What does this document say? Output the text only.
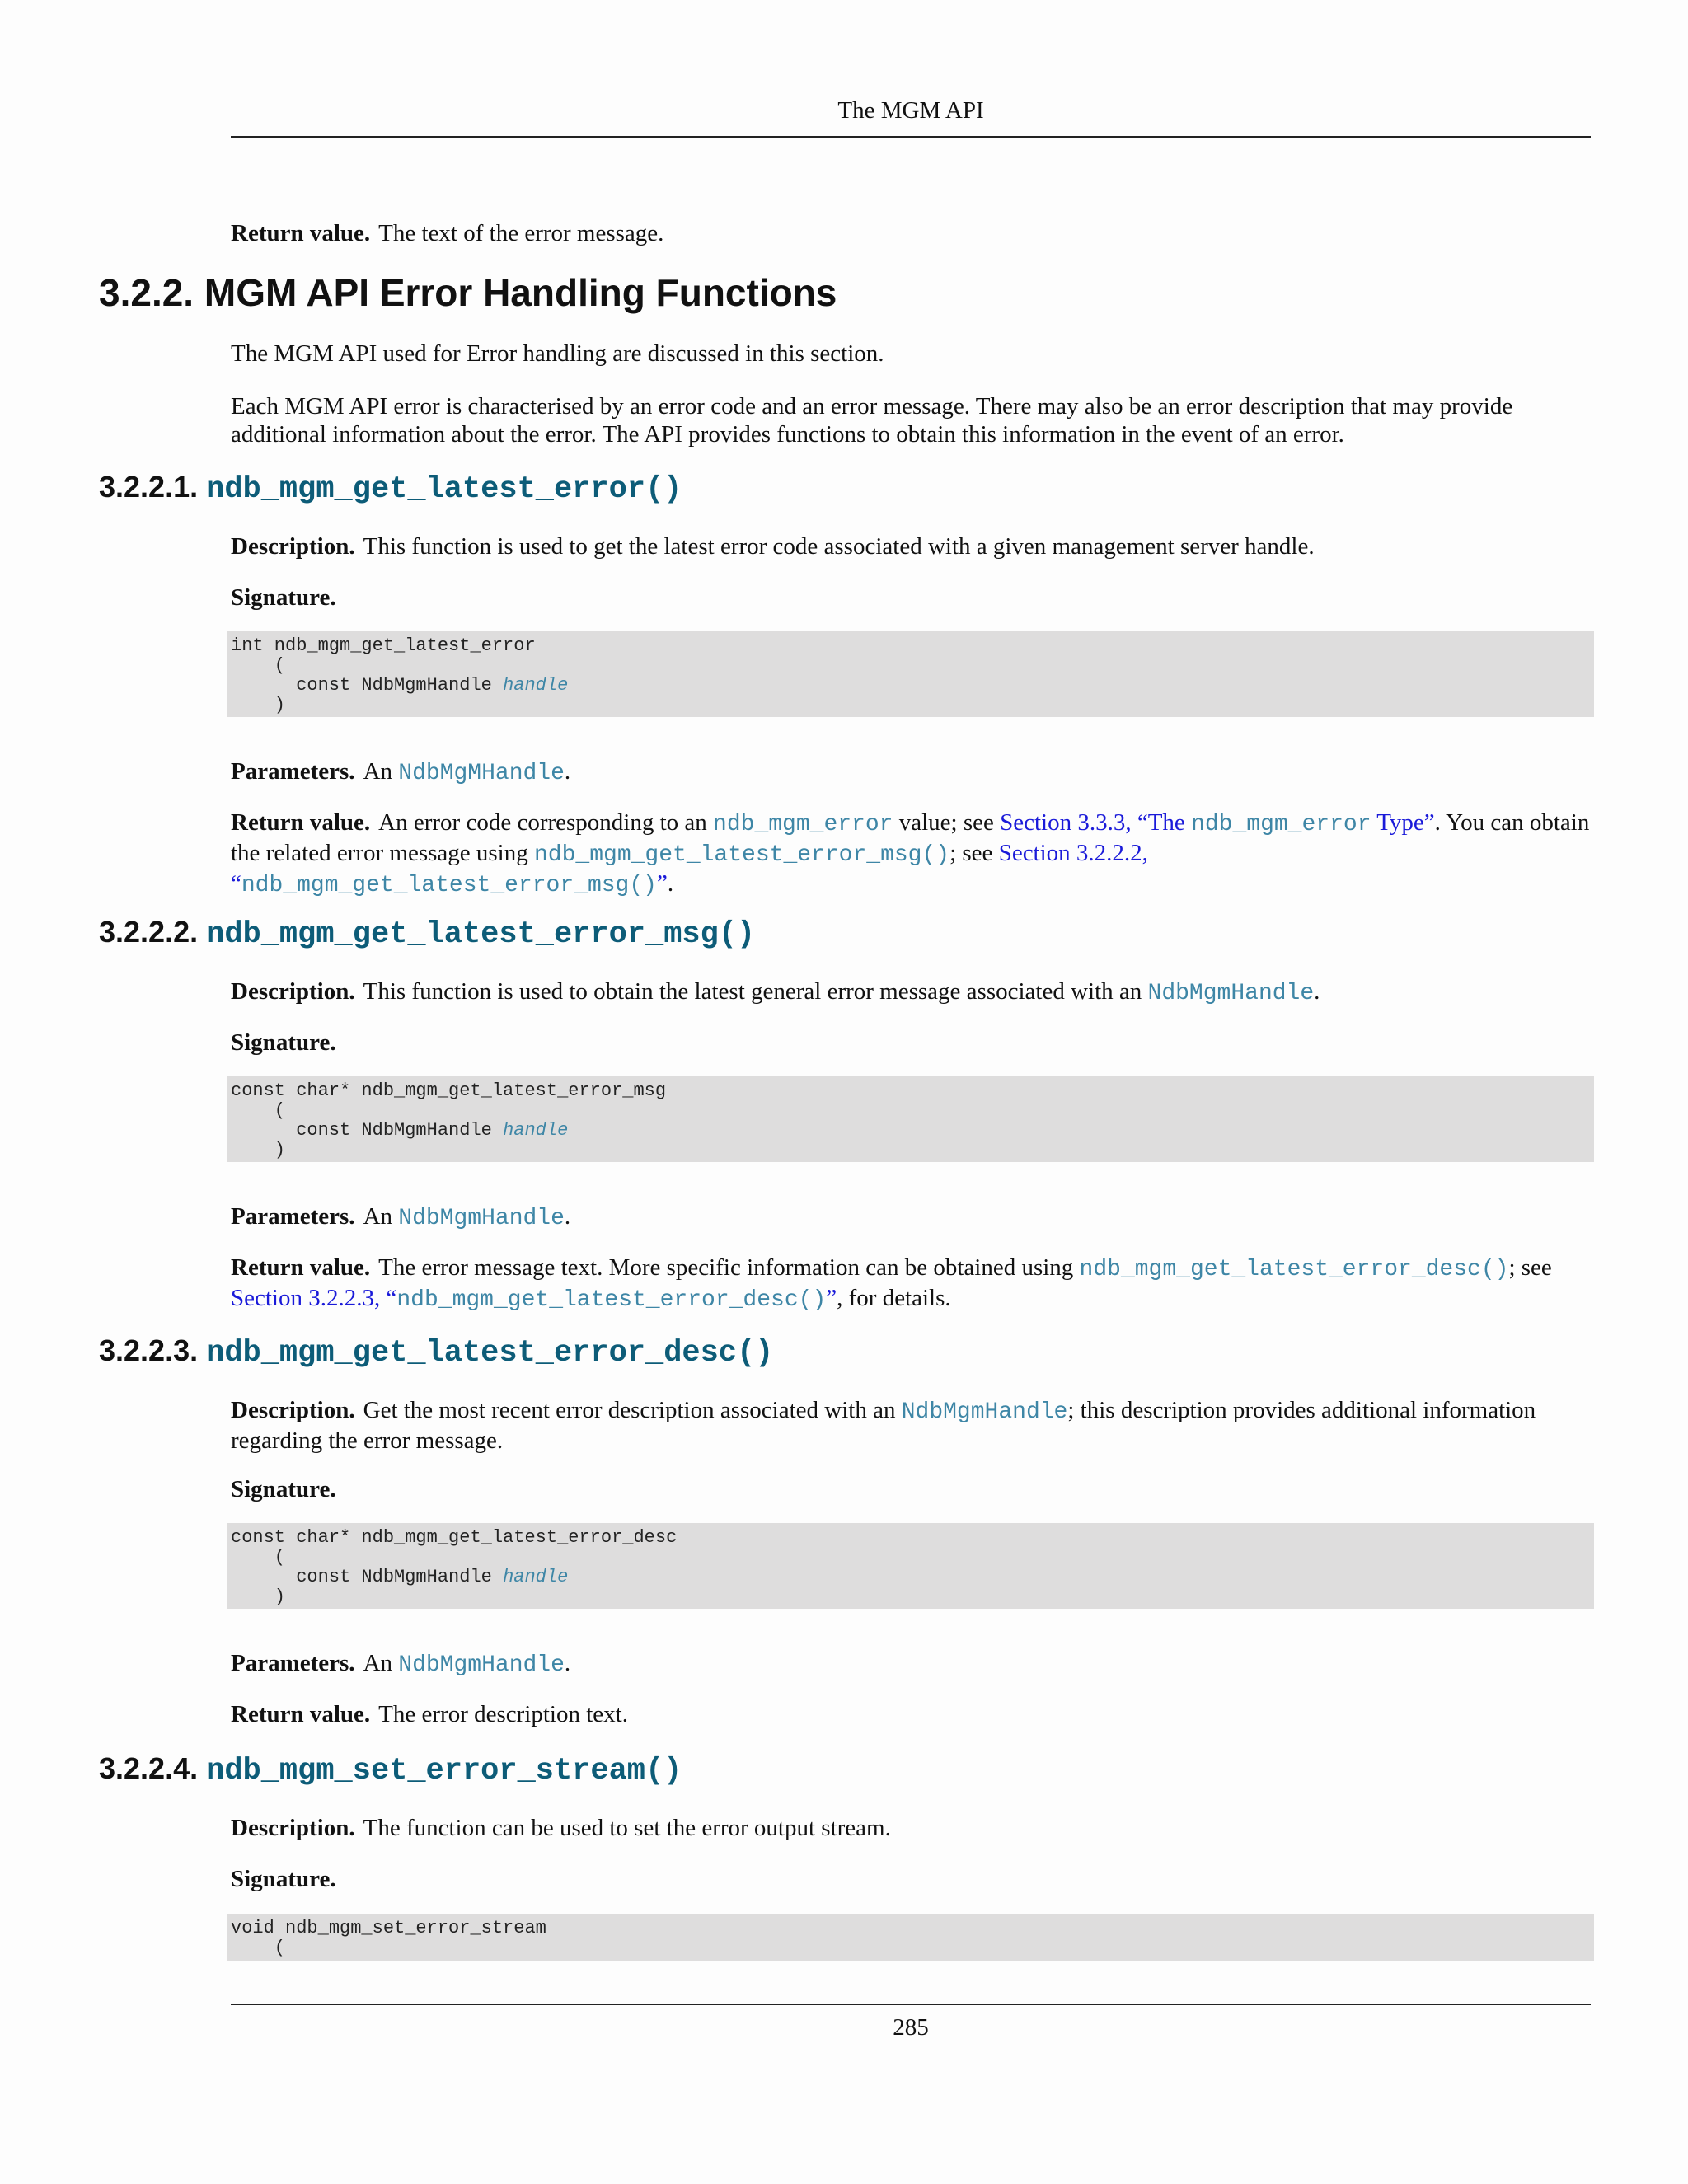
The MGM API

Return value. The text of the error message.

3.2.2. MGM API Error Handling Functions

The MGM API used for Error handling are discussed in this section.

Each MGM API error is characterised by an error code and an error message. There may also be an error description that may provide additional information about the error. The API provides functions to obtain this information in the event of an error.

3.2.2.1. ndb_mgm_get_latest_error()

Description. This function is used to get the latest error code associated with a given management server handle.

Signature.

int ndb_mgm_get_latest_error
(
const NdbMgmHandle handle
)

Parameters. An NdbMgMHandle.

Return value. An error code corresponding to an ndb_mgm_error value; see Section 3.3.3, “The ndb_mgm_error Type”. You can obtain the related error message using ndb_mgm_get_latest_error_msg(); see Section 3.2.2.2, “ndb_mgm_get_latest_error_msg()”.

3.2.2.2. ndb_mgm_get_latest_error_msg()

Description. This function is used to obtain the latest general error message associated with an NdbMgmHandle.

Signature.

const char* ndb_mgm_get_latest_error_msg
(
const NdbMgmHandle handle
)

Parameters. An NdbMgmHandle.

Return value. The error message text. More specific information can be obtained using ndb_mgm_get_latest_error_desc(); see Section 3.2.2.3, “ndb_mgm_get_latest_error_desc()”, for details.

3.2.2.3. ndb_mgm_get_latest_error_desc()

Description. Get the most recent error description associated with an NdbMgmHandle; this description provides additional information regarding the error message.

Signature.

const char* ndb_mgm_get_latest_error_desc
(
const NdbMgmHandle handle
)

Parameters. An NdbMgmHandle.

Return value. The error description text.

3.2.2.4. ndb_mgm_set_error_stream()

Description. The function can be used to set the error output stream.

Signature.

void ndb_mgm_set_error_stream
(
285
